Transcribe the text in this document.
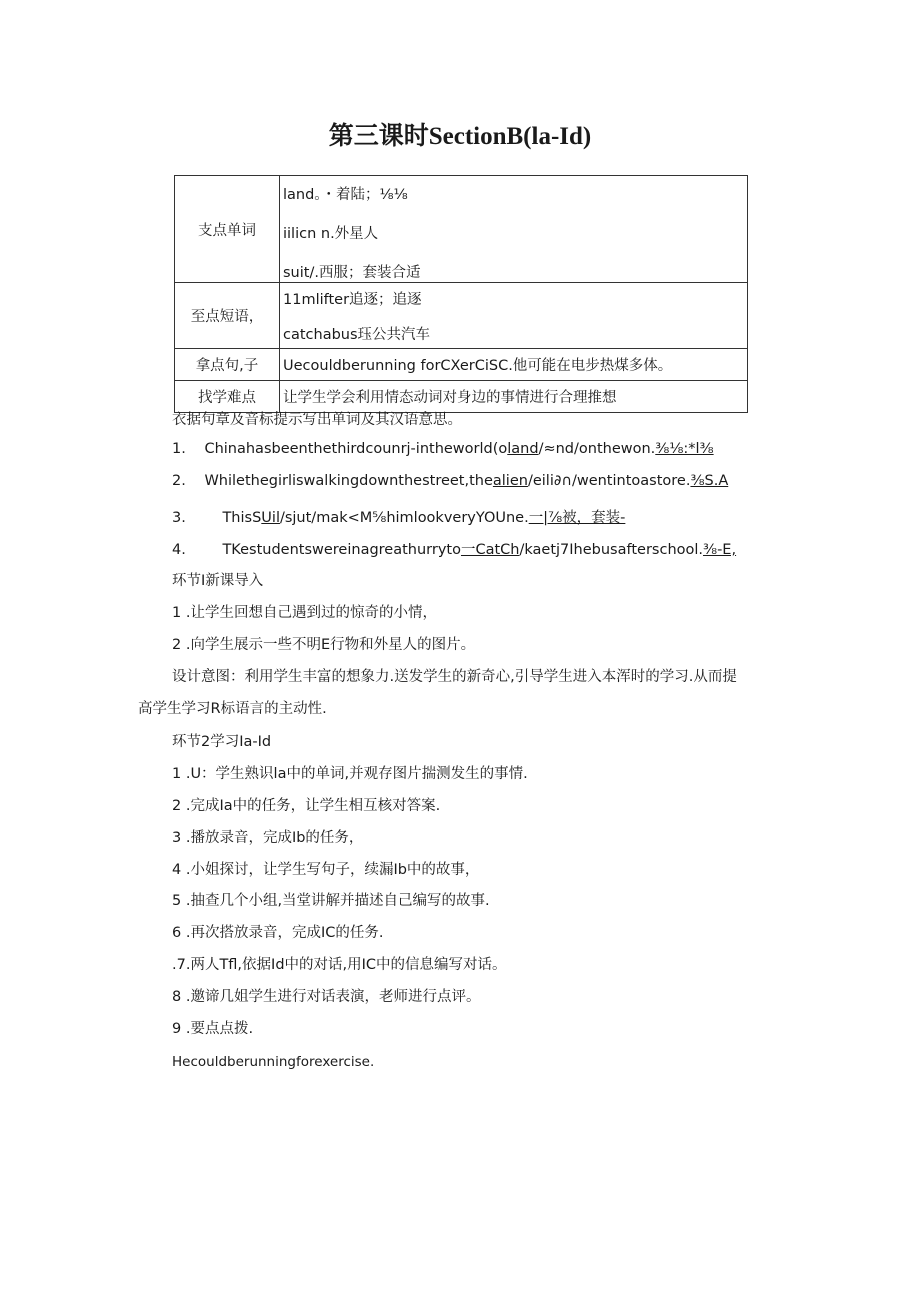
第三课时SectionB(la-Id)
支点单词	land。・着陆；⅛⅛
iilicn n.外星人
suit/.西服；套装合适

至点短语，	11mlifter追逐；追逐
catchabus珏公共汽车

拿点句,子	Uecouldberunning forCXerCiSC.他可能在电步热煤多体。
找学难点	让学生学会利用情态动词对身边的事情进行合理推想
衣据句章及音标提示写出单词及其汉语意思。
1. Chinahasbeenthethirdcounrj-intheworld(oland/≈nd/onthewon.⅜⅛:*l⅜
2. Whilethegirliswalkingdownthestreet,thealien/eili∂∩/wentintoastore.⅜S.A
3.	ThisSUil/sjut/mak<M⅝himlookveryYOUne.一|⅞被，套装-
4.	TKestudentswereinagreathurryto一CatCh/kaetj7Ihebusafterschool.⅜-E,
环节I新课导入
1 .让学生回想自己遇到过的惊奇的小情，
2 .向学生展示一些不明E行物和外星人的图片。
设计意图：利用学生丰富的想象力.送发学生的新奇心,引导学生进入本浑时的学习.从而提
高学生学习R标语言的主动性.
环节2学习Ia-Id
1 .U：学生熟识la中的单词,并观存图片揣测发生的事情.
2 .完成Ia中的任务，让学生相互核对答案.
3 .播放录音，完成Ib的任务，
4 .小姐探讨，让学生写句子，续漏Ib中的故事，
5 .抽查几个小组,当堂讲解并描述自己编写的故事.
6 .再次搭放录音，完成IC的任务.
.7.两人Tfl,依据Id中的对话,用IC中的信息编写对话。
8 .邀谛几姐学生进行对话表演，老师进行点评。
9 .要点点拨.
Hecouldberunningforexercise.
